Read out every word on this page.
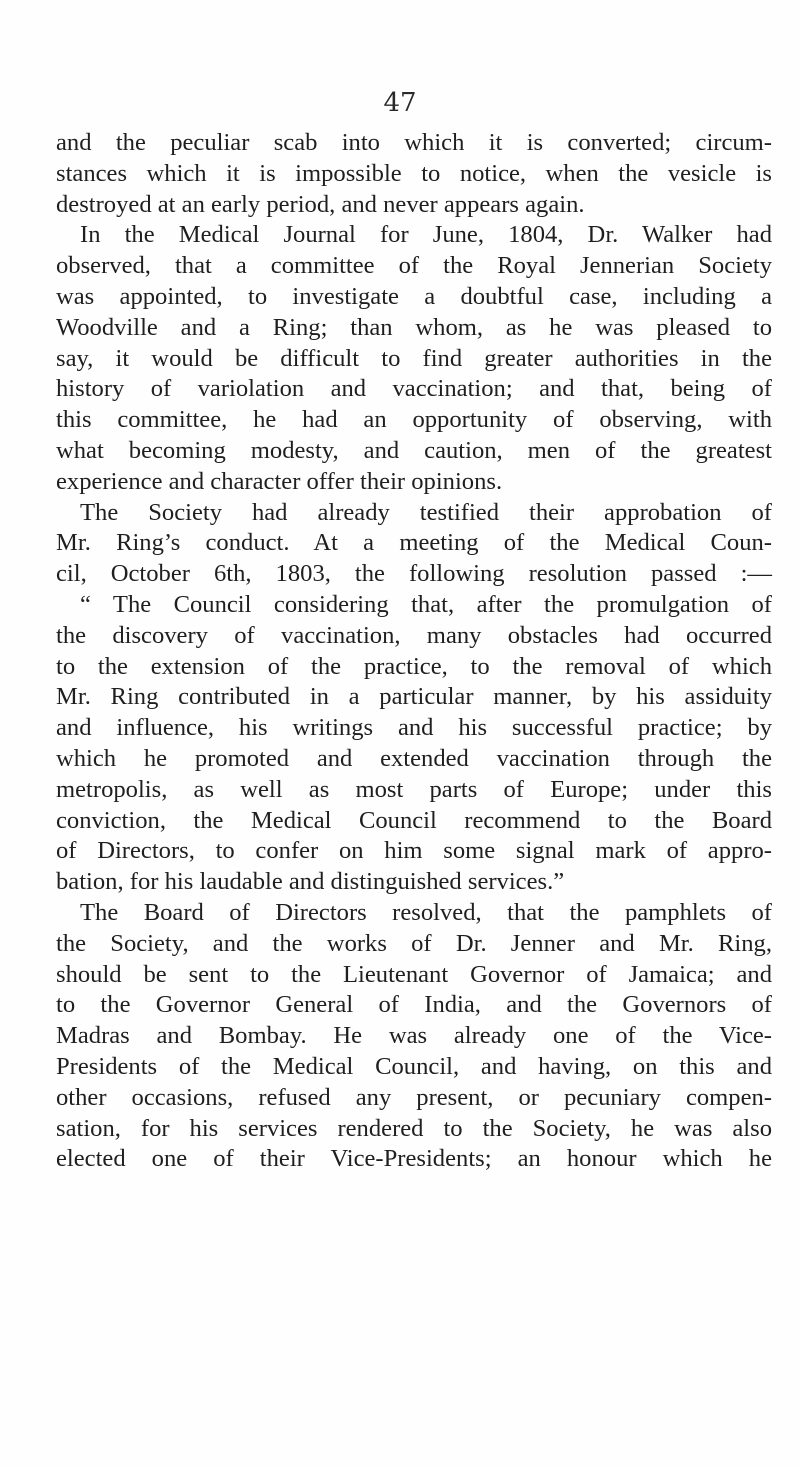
47
and the peculiar scab into which it is converted; circum-
stances which it is impossible to notice, when the vesicle is
destroyed at an early period, and never appears again.
In the Medical Journal for June, 1804, Dr. Walker had
observed, that a committee of the Royal Jennerian Society
was appointed, to investigate a doubtful case, including a
Woodville and a Ring; than whom, as he was pleased to
say, it would be difficult to find greater authorities in the
history of variolation and vaccination; and that, being of
this committee, he had an opportunity of observing, with
what becoming modesty, and caution, men of the greatest
experience and character offer their opinions.
The Society had already testified their approbation of
Mr. Ring’s conduct. At a meeting of the Medical Coun-
cil, October 6th, 1803, the following resolution passed :—
“ The Council considering that, after the promulgation of
the discovery of vaccination, many obstacles had occurred
to the extension of the practice, to the removal of which
Mr. Ring contributed in a particular manner, by his assiduity
and influence, his writings and his successful practice; by
which he promoted and extended vaccination through the
metropolis, as well as most parts of Europe; under this
conviction, the Medical Council recommend to the Board
of Directors, to confer on him some signal mark of appro-
bation, for his laudable and distinguished services.”
The Board of Directors resolved, that the pamphlets of
the Society, and the works of Dr. Jenner and Mr. Ring,
should be sent to the Lieutenant Governor of Jamaica; and
to the Governor General of India, and the Governors of
Madras and Bombay. He was already one of the Vice-
Presidents of the Medical Council, and having, on this and
other occasions, refused any present, or pecuniary compen-
sation, for his services rendered to the Society, he was also
elected one of their Vice-Presidents; an honour which he
